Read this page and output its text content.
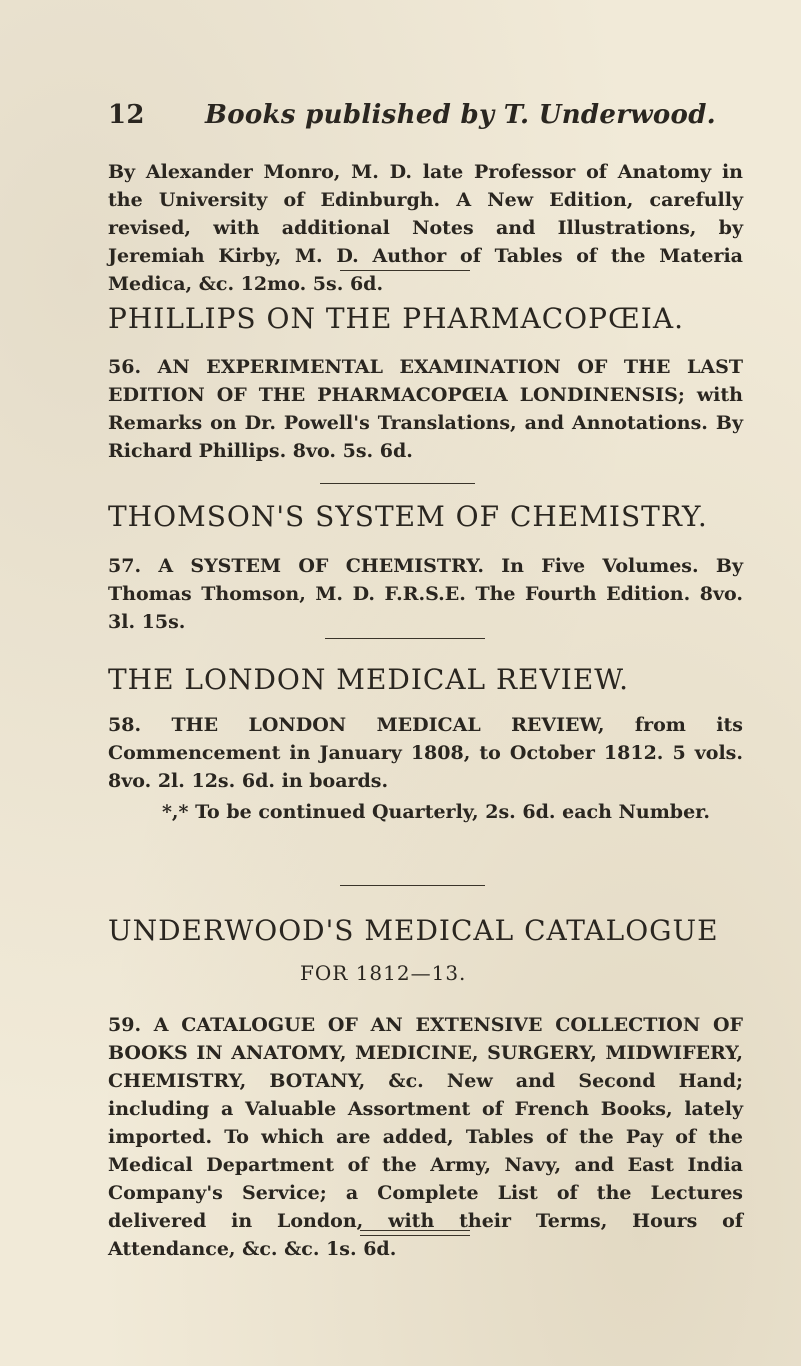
12 Books published by T. Underwood.
By Alexander Monro, M. D. late Professor of Anatomy in the University of Edinburgh. A New Edition, carefully revised, with additional Notes and Illustrations, by Jeremiah Kirby, M. D. Author of Tables of the Materia Medica, &c. 12mo. 5s. 6d.
PHILLIPS ON THE PHARMACOPŒIA.
56. AN EXPERIMENTAL EXAMINATION OF THE LAST EDITION OF THE PHARMACOPŒIA LONDINENSIS; with Remarks on Dr. Powell's Translations, and Annotations. By Richard Phillips. 8vo. 5s. 6d.
THOMSON'S SYSTEM OF CHEMISTRY.
57. A SYSTEM OF CHEMISTRY. In Five Volumes. By Thomas Thomson, M. D. F.R.S.E. The Fourth Edition. 8vo. 3l. 15s.
THE LONDON MEDICAL REVIEW.
58. THE LONDON MEDICAL REVIEW, from its Commencement in January 1808, to October 1812. 5 vols. 8vo. 2l. 12s. 6d. in boards.
*,* To be continued Quarterly, 2s. 6d. each Number.
UNDERWOOD'S MEDICAL CATALOGUE
FOR 1812—13.
59. A CATALOGUE OF AN EXTENSIVE COLLECTION OF BOOKS IN ANATOMY, MEDICINE, SURGERY, MIDWIFERY, CHEMISTRY, BOTANY, &c. New and Second Hand; including a Valuable Assortment of French Books, lately imported. To which are added, Tables of the Pay of the Medical Department of the Army, Navy, and East India Company's Service; a Complete List of the Lectures delivered in London, with their Terms, Hours of Attendance, &c. &c. 1s. 6d.
